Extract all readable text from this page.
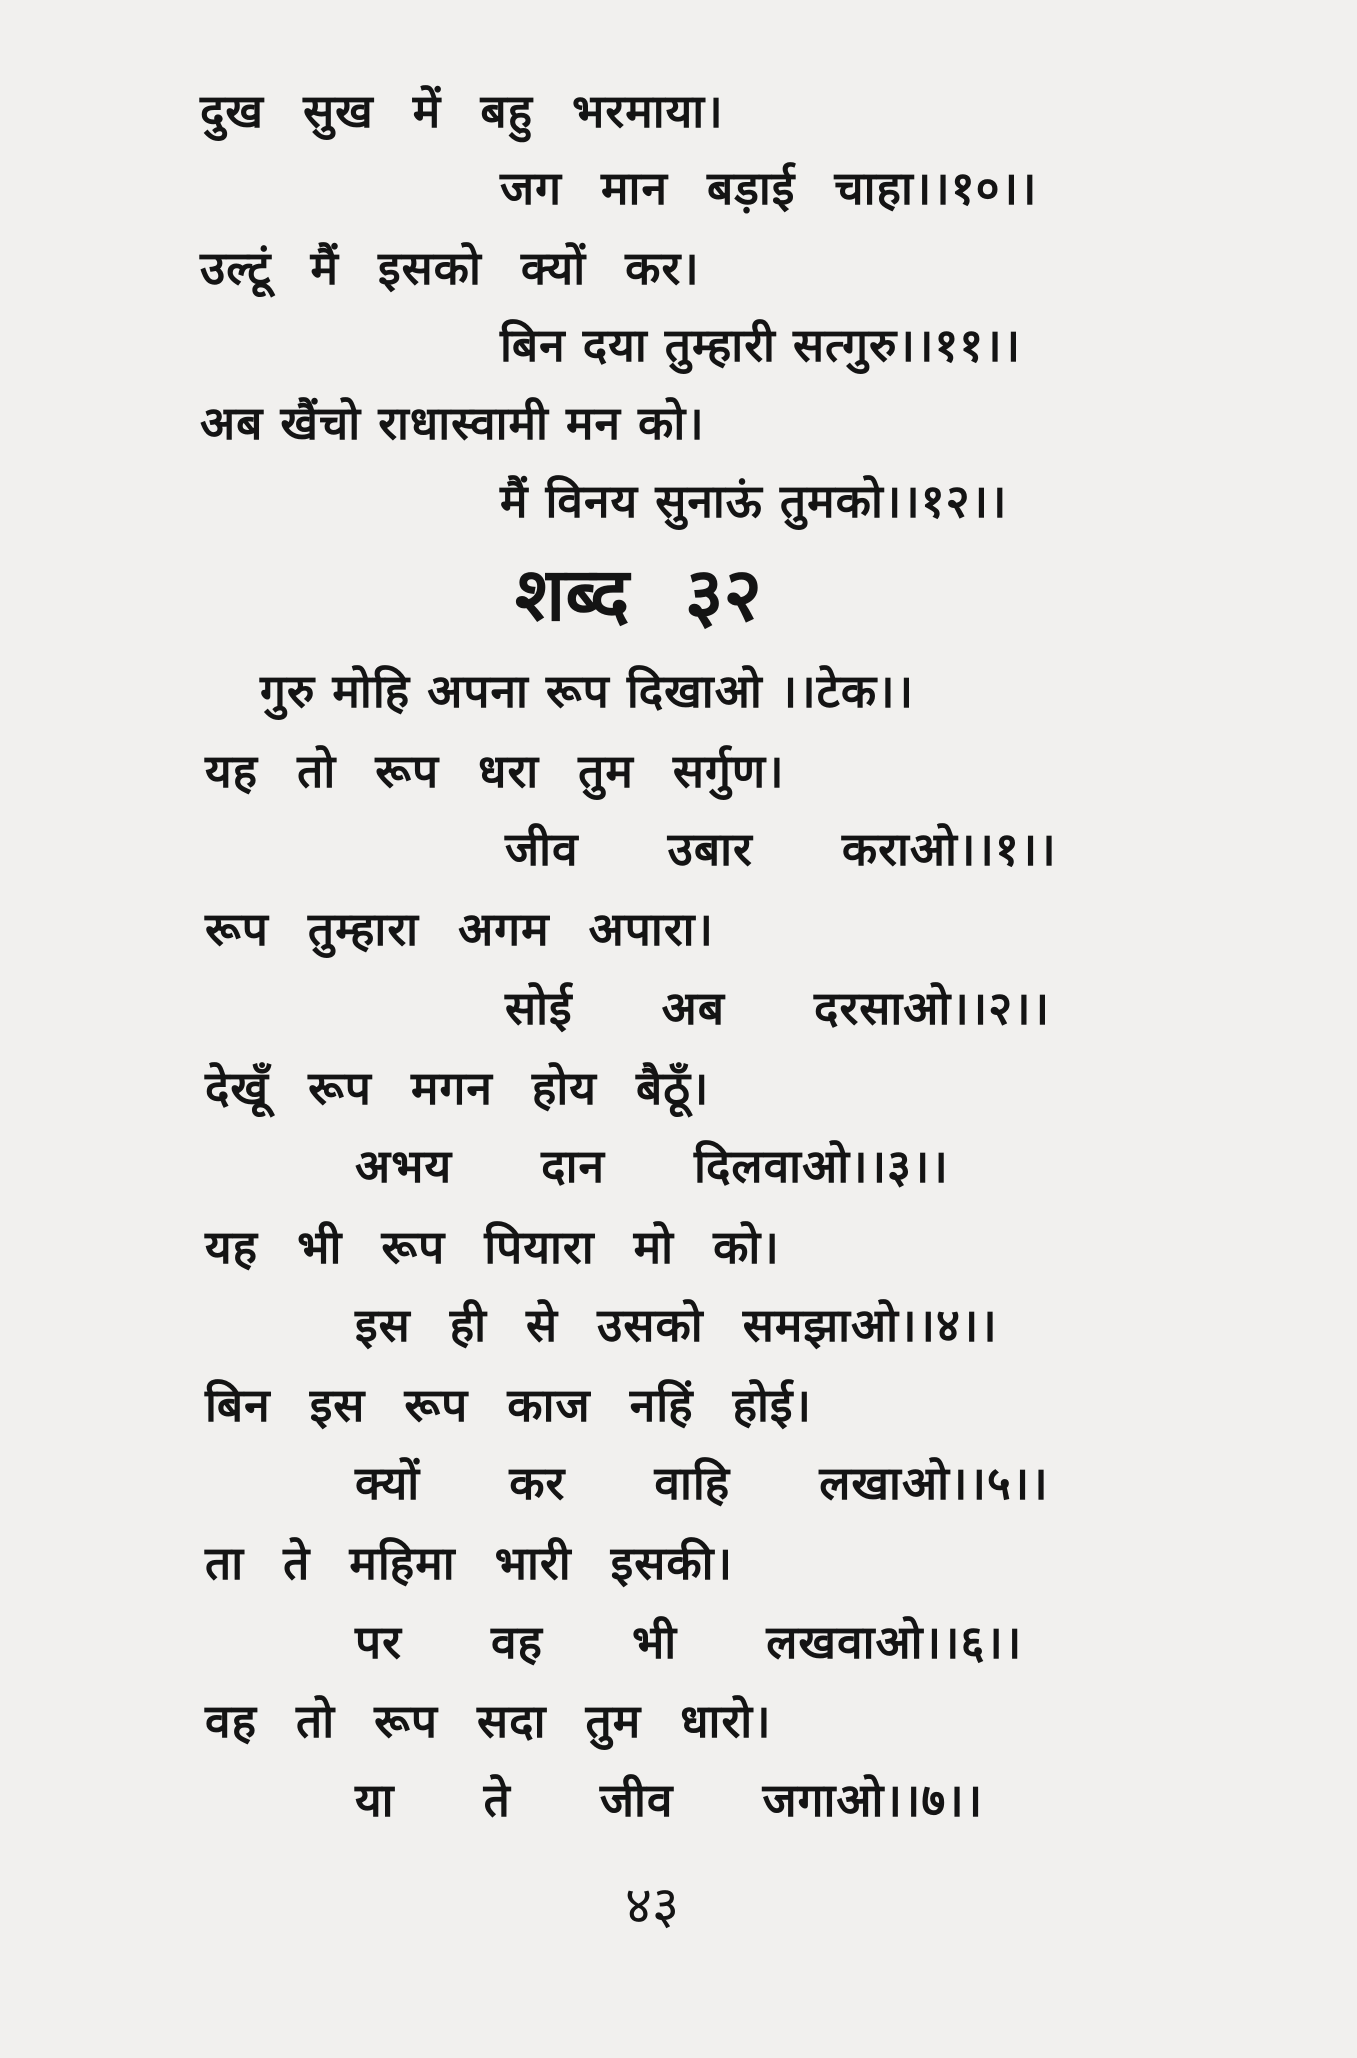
दुख सुख में बहु भरमाया।
जग मान बड़ाई चाहा।।१०।।
उल्टूं मैं इसको क्यों कर।
बिन दया तुम्हारी सत्गुरु।।११।।
अब खैंचो राधास्वामी मन को।
मैं विनय सुनाऊं तुमको।।१२।।
शब्द ३२
गुरु मोहि अपना रूप दिखाओ ।।टेक।।
यह तो रूप धरा तुम सर्गुण।
जीव उबार कराओ।।१।।
रूप तुम्हारा अगम अपारा।
सोई अब दरसाओ।।२।।
देखूँ रूप मगन होय बैठूँ।
अभय दान दिलवाओ।।३।।
यह भी रूप पियारा मो को।
इस ही से उसको समझाओ।।४।।
बिन इस रूप काज नहिं होई।
क्यों कर वाहि लखाओ।।५।।
ता ते महिमा भारी इसकी।
पर वह भी लखवाओ।।६।।
वह तो रूप सदा तुम धारो।
या ते जीव जगाओ।।७।।
४३
